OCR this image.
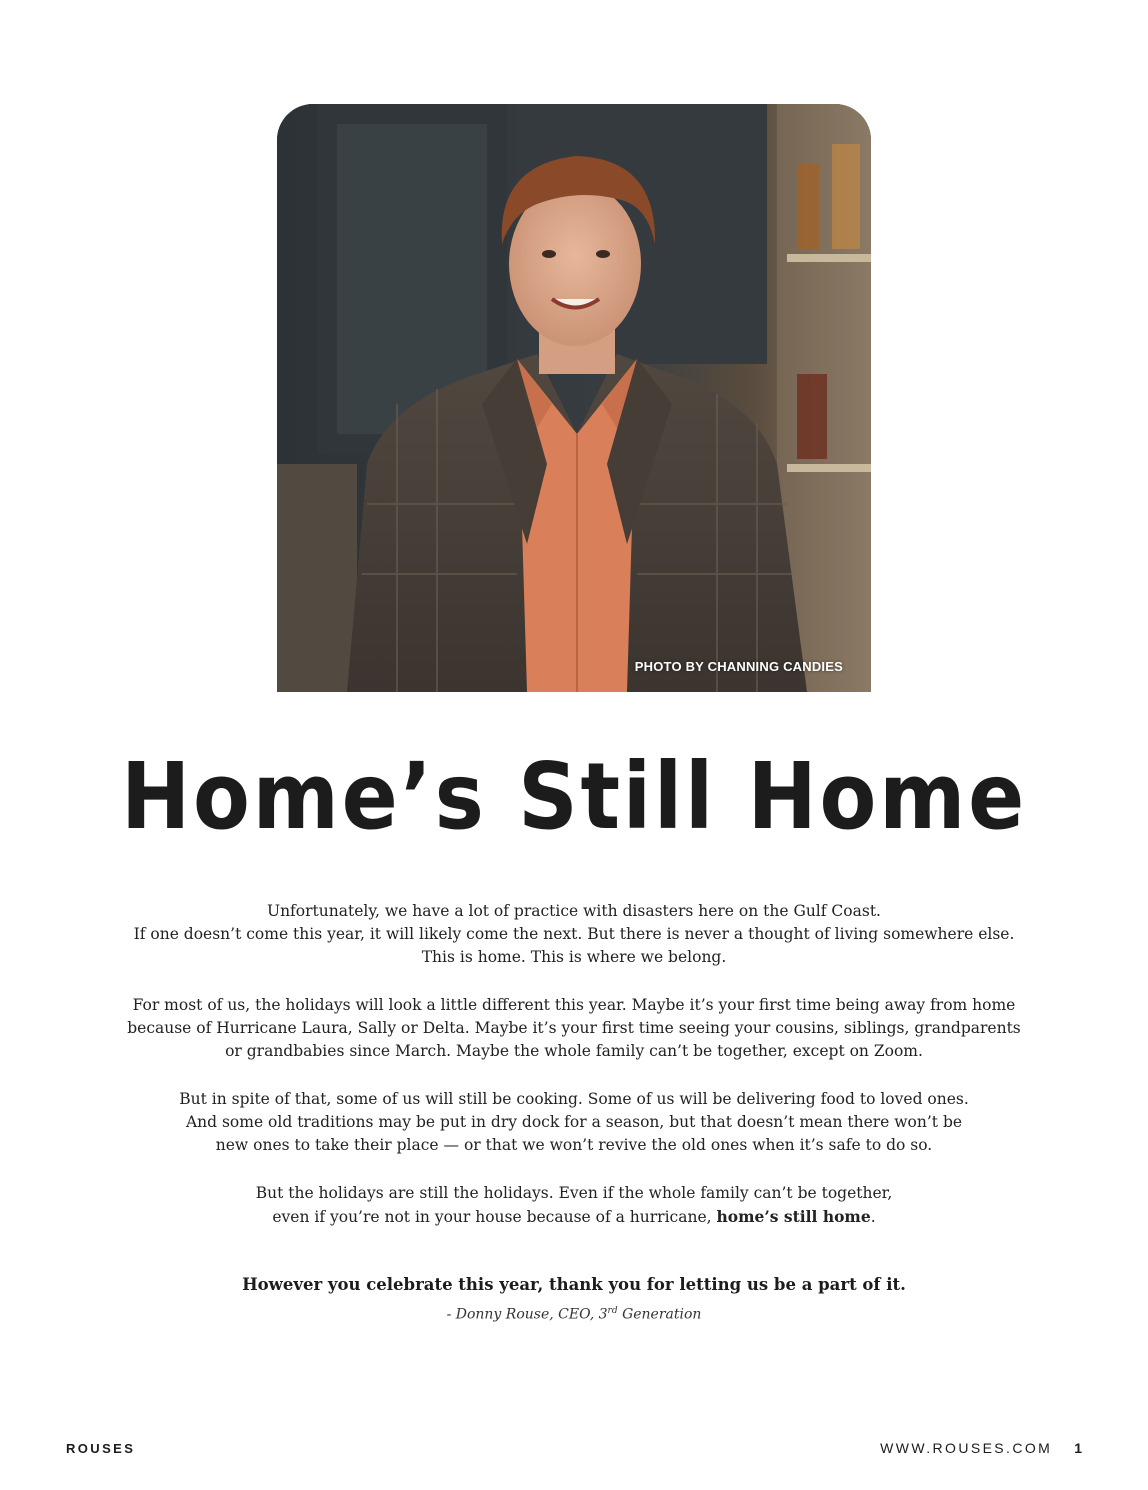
PHOTO BY CHANNING CANDIES
Home’s Still Home

Unfortunately, we have a lot of practice with disasters here on the Gulf Coast.
If one doesn’t come this year, it will likely come the next. But there is never a thought of living somewhere else.
This is home. This is where we belong.

For most of us, the holidays will look a little different this year. Maybe it’s your first time being away from home
because of Hurricane Laura, Sally or Delta. Maybe it’s your first time seeing your cousins, siblings, grandparents
or grandbabies since March. Maybe the whole family can’t be together, except on Zoom.

But in spite of that, some of us will still be cooking. Some of us will be delivering food to loved ones.
And some old traditions may be put in dry dock for a season, but that doesn’t mean there won’t be
new ones to take their place — or that we won’t revive the old ones when it’s safe to do so.

But the holidays are still the holidays. Even if the whole family can’t be together,
even if you’re not in your house because of a hurricane, home’s still home.

However you celebrate this year, thank you for letting us be a part of it.
- Donny Rouse, CEO, 3rd Generation
ROUSES	WWW.ROUSES.COM 1
